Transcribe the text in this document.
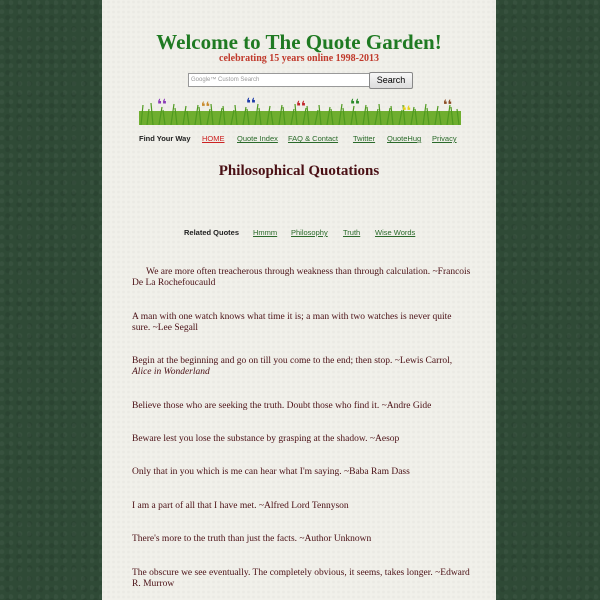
Welcome to The Quote Garden!
celebrating 15 years online 1998-2013
Google™ Custom Search	Search
❛❛	❛❛	❛❛	❛❛	❛❛	❛❛ ❛❛
Find Your Way HOME Quote Index FAQ & Contact Twitter QuoteHug Privacy
Philosophical Quotations
Related Quotes Hmmm Philosophy Truth Wise Words
We are more often treacherous through weakness than through calculation. ~Francois De La Rochefoucauld
A man with one watch knows what time it is; a man with two watches is never quite sure. ~Lee Segall
Begin at the beginning and go on till you come to the end; then stop. ~Lewis Carrol, Alice in Wonderland
Believe those who are seeking the truth. Doubt those who find it. ~Andre Gide
Beware lest you lose the substance by grasping at the shadow. ~Aesop
Only that in you which is me can hear what I'm saying. ~Baba Ram Dass
I am a part of all that I have met. ~Alfred Lord Tennyson
There's more to the truth than just the facts. ~Author Unknown
The obscure we see eventually. The completely obvious, it seems, takes longer. ~Edward R. Murrow
